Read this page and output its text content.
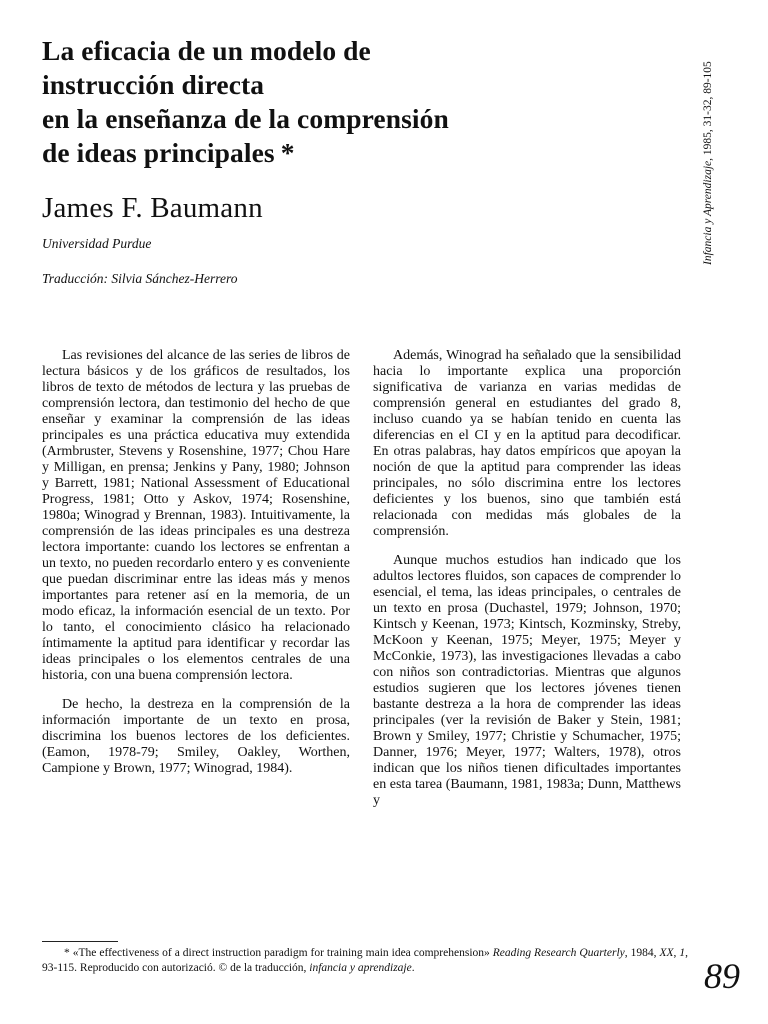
La eficacia de un modelo de
instrucción directa
en la enseñanza de la comprensión
de ideas principales *
James F. Baumann
Universidad Purdue
Traducción: Silvia Sánchez-Herrero
Infancia y Aprendizaje, 1985, 31-32, 89-105

Las revisiones del alcance de las series de libros de lectura básicos y de los gráficos de resultados, los libros de texto de métodos de lectura y las pruebas de comprensión lectora, dan testimonio del hecho de que enseñar y examinar la comprensión de las ideas principales es una práctica educativa muy extendida (Armbruster, Stevens y Rosenshine, 1977; Chou Hare y Milligan, en prensa; Jenkins y Pany, 1980; Johnson y Barrett, 1981; National Assessment of Educational Progress, 1981; Otto y Askov, 1974; Rosenshine, 1980a; Winograd y Brennan, 1983). Intuitivamente, la comprensión de las ideas principales es una destreza lectora importante: cuando los lectores se enfrentan a un texto, no pueden recordarlo entero y es conveniente que puedan discriminar entre las ideas más y menos importantes para retener así en la memoria, de un modo eficaz, la información esencial de un texto. Por lo tanto, el conocimiento clásico ha relacionado íntimamente la aptitud para identificar y recordar las ideas principales o los elementos centrales de una historia, con una buena comprensión lectora.

De hecho, la destreza en la comprensión de la información importante de un texto en prosa, discrimina los buenos lectores de los deficientes. (Eamon, 1978-79; Smiley, Oakley, Worthen, Campione y Brown, 1977; Winograd, 1984).

Además, Winograd ha señalado que la sensibilidad hacia lo importante explica una proporción significativa de varianza en varias medidas de comprensión general en estudiantes del grado 8, incluso cuando ya se habían tenido en cuenta las diferencias en el CI y en la aptitud para decodificar. En otras palabras, hay datos empíricos que apoyan la noción de que la aptitud para comprender las ideas principales, no sólo discrimina entre los lectores deficientes y los buenos, sino que también está relacionada con medidas más globales de la comprensión.

Aunque muchos estudios han indicado que los adultos lectores fluidos, son capaces de comprender lo esencial, el tema, las ideas principales, o centrales de un texto en prosa (Duchastel, 1979; Johnson, 1970; Kintsch y Keenan, 1973; Kintsch, Kozminsky, Streby, McKoon y Keenan, 1975; Meyer, 1975; Meyer y McConkie, 1973), las investigaciones llevadas a cabo con niños son contradictorias. Mientras que algunos estudios sugieren que los lectores jóvenes tienen bastante destreza a la hora de comprender las ideas principales (ver la revisión de Baker y Stein, 1981; Brown y Smiley, 1977; Christie y Schumacher, 1975; Danner, 1976; Meyer, 1977; Walters, 1978), otros indican que los niños tienen dificultades importantes en esta tarea (Baumann, 1981, 1983a; Dunn, Matthews y

* «The effectiveness of a direct instruction paradigm for training main idea comprehension» Reading Research Quarterly, 1984, XX, 1, 93-115. Reproducido con autorizació. © de la traducción, infancia y aprendizaje.	89
